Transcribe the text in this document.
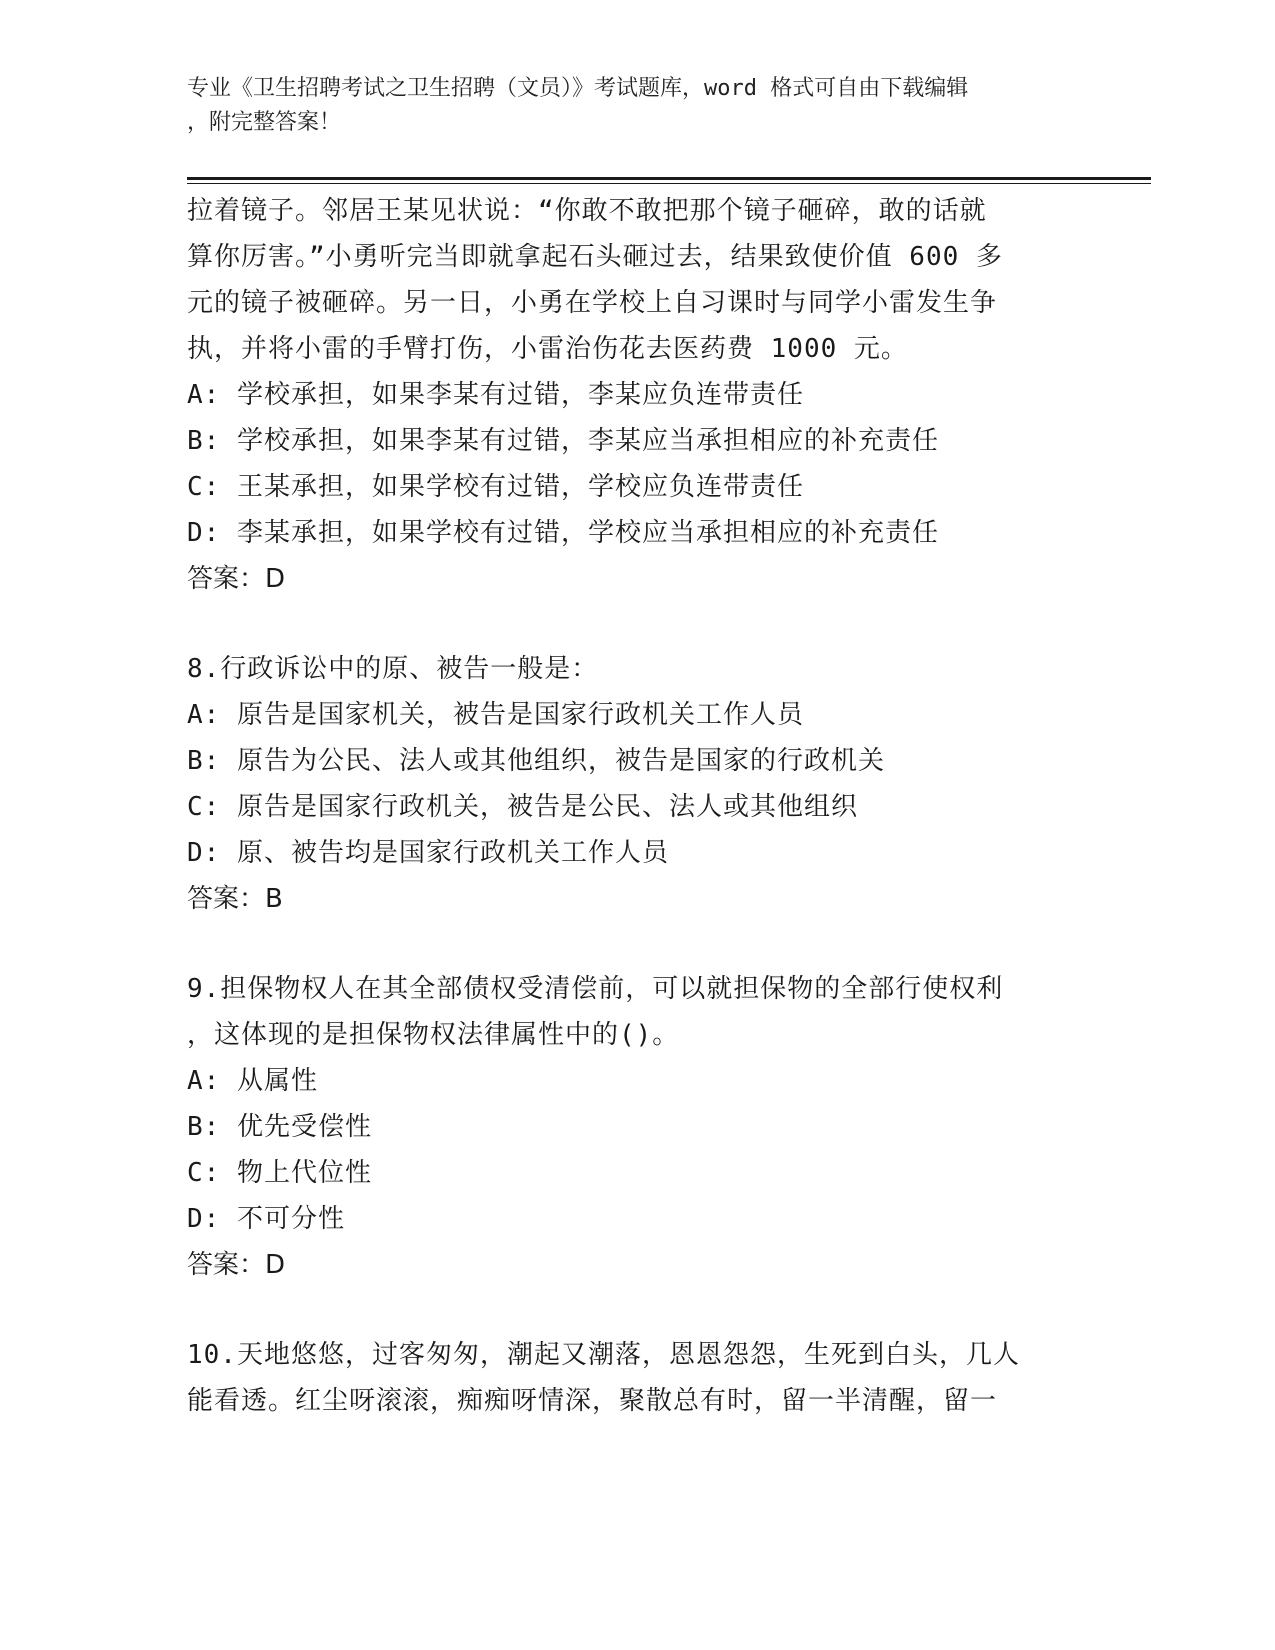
专业《卫生招聘考试之卫生招聘（文员）》考试题库，word 格式可自由下载编辑
，附完整答案！
拉着镜子。邻居王某见状说：“你敢不敢把那个镜子砸碎，敢的话就
算你厉害。”小勇听完当即就拿起石头砸过去，结果致使价值 600 多
元的镜子被砸碎。另一日，小勇在学校上自习课时与同学小雷发生争
执，并将小雷的手臂打伤，小雷治伤花去医药费 1000 元。
A: 学校承担，如果李某有过错，李某应负连带责任
B: 学校承担，如果李某有过错，李某应当承担相应的补充责任
C: 王某承担，如果学校有过错，学校应负连带责任
D: 李某承担，如果学校有过错，学校应当承担相应的补充责任
答案：D
8.行政诉讼中的原、被告一般是：
A: 原告是国家机关，被告是国家行政机关工作人员
B: 原告为公民、法人或其他组织，被告是国家的行政机关
C: 原告是国家行政机关，被告是公民、法人或其他组织
D: 原、被告均是国家行政机关工作人员
答案：B
9.担保物权人在其全部债权受清偿前，可以就担保物的全部行使权利
，这体现的是担保物权法律属性中的()。
A: 从属性
B: 优先受偿性
C: 物上代位性
D: 不可分性
答案：D
10.天地悠悠，过客匆匆，潮起又潮落，恩恩怨怨，生死到白头，几人
能看透。红尘呀滚滚，痴痴呀情深，聚散总有时，留一半清醒，留一
